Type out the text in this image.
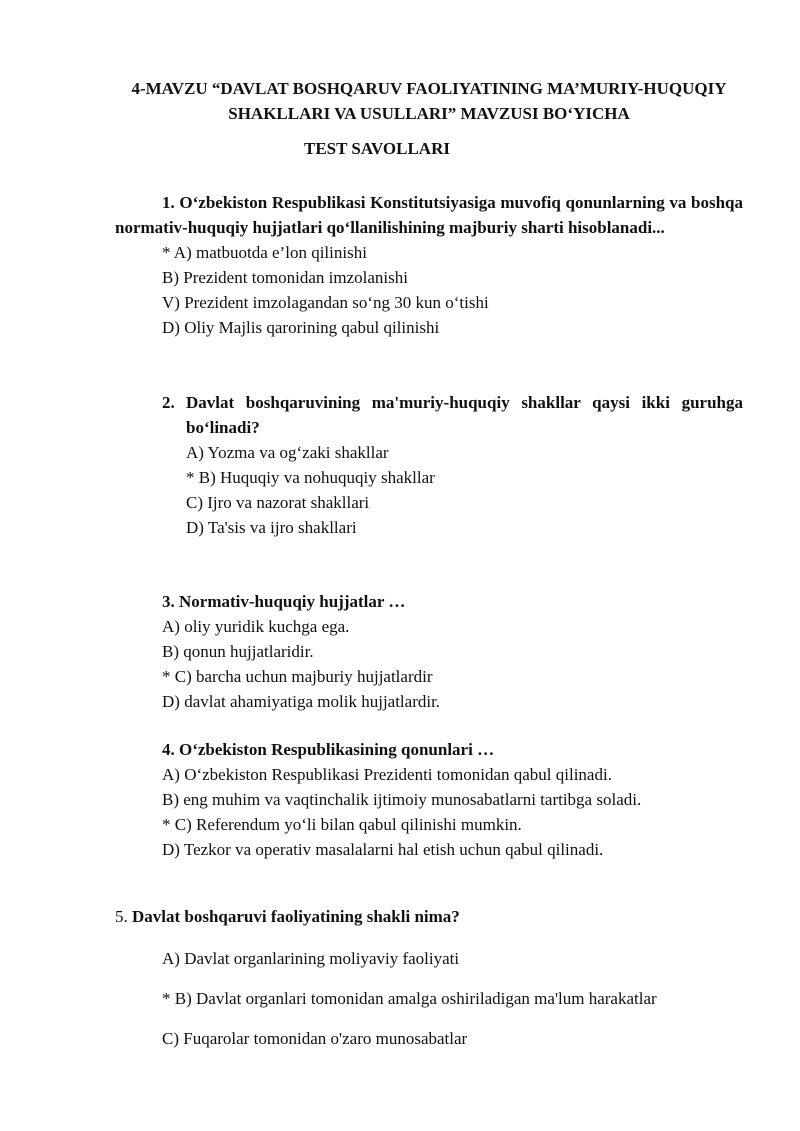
4-MAVZU “DAVLAT BOSHQARUV FAOLIYATINING MA’MURIY-HUQUQIY SHAKLLARI VA USULLARI” MAVZUSI BO‘YICHA
TEST SAVOLLARI
1. O‘zbekiston Respublikasi Konstitutsiyasiga muvofiq qonunlarning va boshqa normativ-huquqiy hujjatlari qo‘llanilishining majburiy sharti hisoblanadi...
* A) matbuotda e’lon qilinishi
B) Prezident tomonidan imzolanishi
V) Prezident imzolagandan so‘ng 30 kun o‘tishi
D) Oliy Majlis qarorining qabul qilinishi
2. Davlat boshqaruvining ma'muriy-huquqiy shakllar qaysi ikki guruhga bo‘linadi?
A) Yozma va og‘zaki shakllar
* B) Huquqiy va nohuquqiy shakllar
C) Ijro va nazorat shakllari
D) Ta'sis va ijro shakllari
3. Normativ-huquqiy hujjatlar …
A) oliy yuridik kuchga ega.
B) qonun hujjatlaridir.
* C) barcha uchun majburiy hujjatlardir
D) davlat ahamiyatiga molik hujjatlardir.
4. O‘zbekiston Respublikasining qonunlari …
A) O‘zbekiston Respublikasi Prezidenti tomonidan qabul qilinadi.
B) eng muhim va vaqtinchalik ijtimoiy munosabatlarni tartibga soladi.
* C) Referendum yo‘li bilan qabul qilinishi mumkin.
D) Tezkor va operativ masalalarni hal etish uchun qabul qilinadi.
5. Davlat boshqaruvi faoliyatining shakli nima?
A) Davlat organlarining moliyaviy faoliyati
* B) Davlat organlari tomonidan amalga oshiriladigan ma'lum harakatlar
C) Fuqarolar tomonidan o'zaro munosabatlar
